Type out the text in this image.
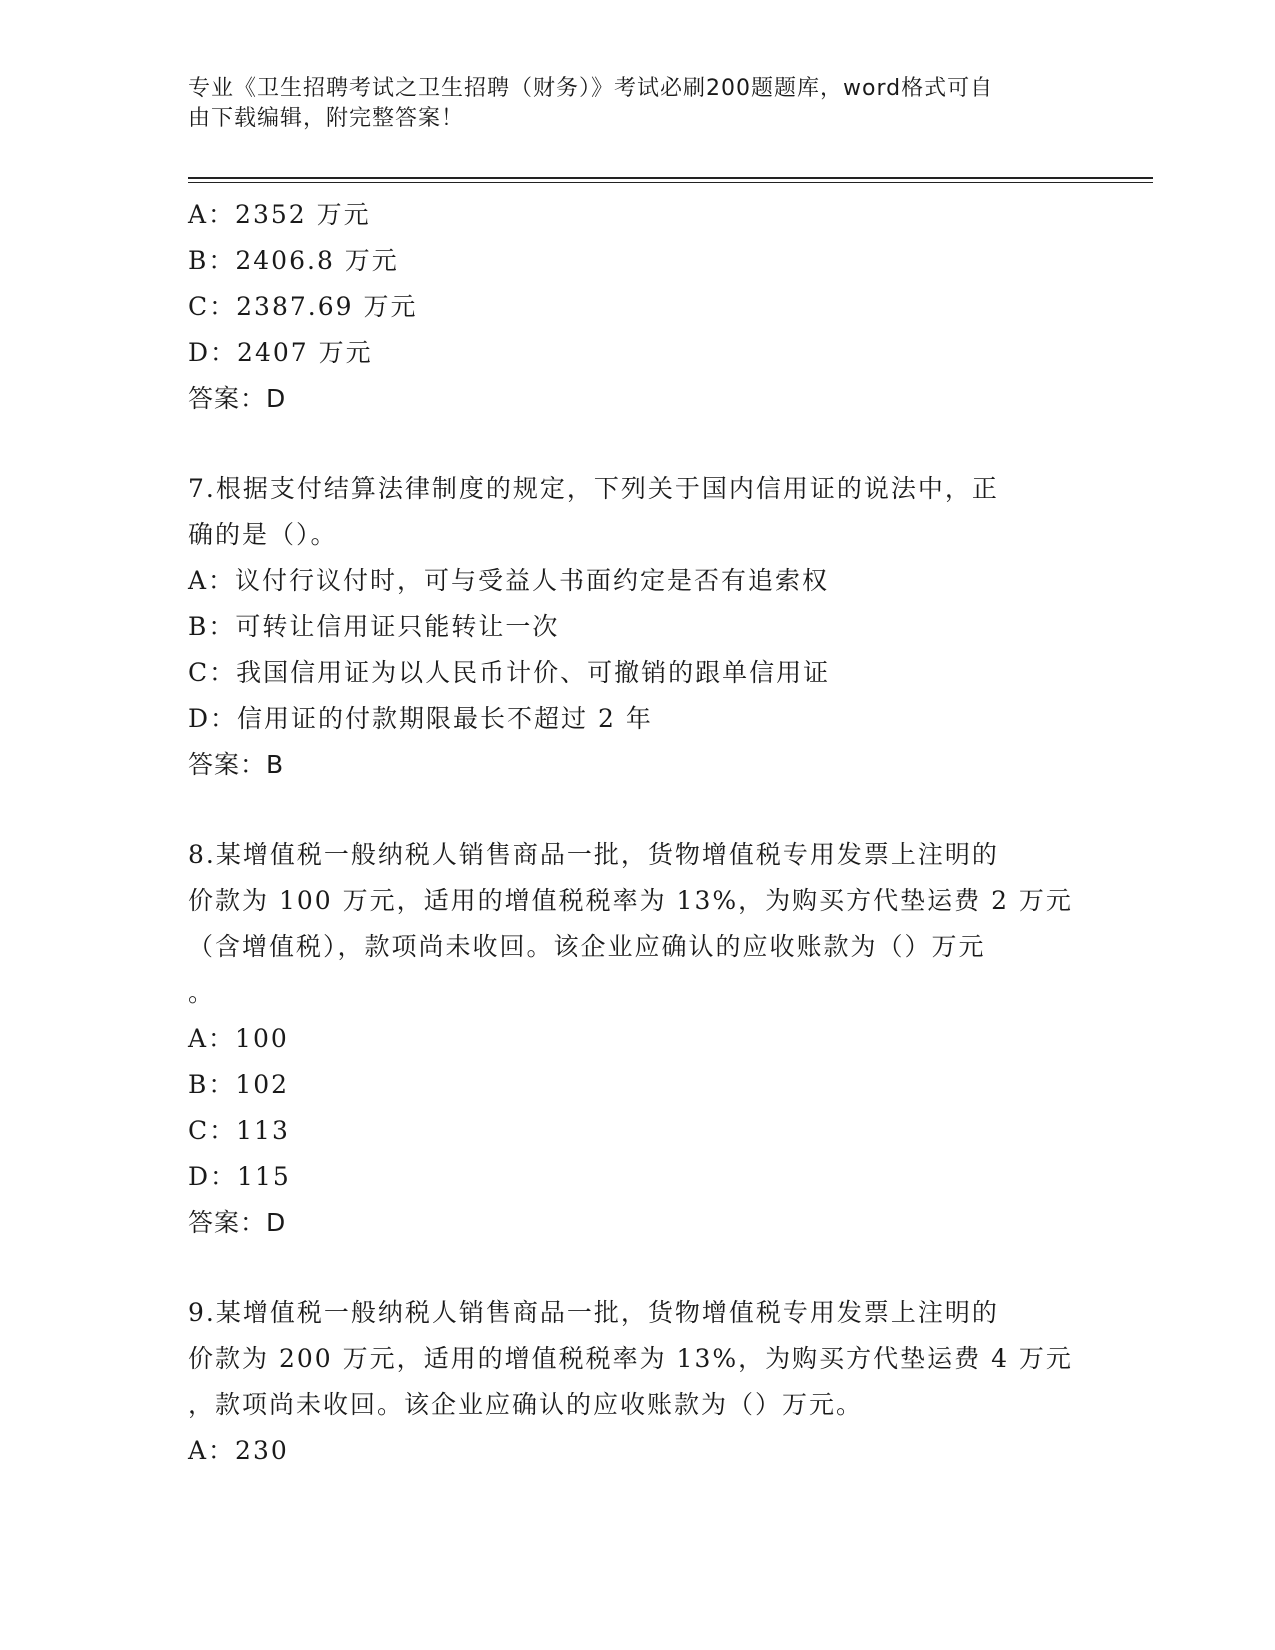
专业《卫生招聘考试之卫生招聘（财务）》考试必刷200题题库，word格式可自
由下载编辑，附完整答案！
A：2352 万元
B：2406.8 万元
C：2387.69 万元
D：2407 万元
答案：D
7.根据支付结算法律制度的规定，下列关于国内信用证的说法中，正
确的是（）。
A：议付行议付时，可与受益人书面约定是否有追索权
B：可转让信用证只能转让一次
C：我国信用证为以人民币计价、可撤销的跟单信用证
D：信用证的付款期限最长不超过 2 年
答案：B
8.某增值税一般纳税人销售商品一批，货物增值税专用发票上注明的
价款为 100 万元，适用的增值税税率为 13%，为购买方代垫运费 2 万元
（含增值税），款项尚未收回。该企业应确认的应收账款为（）万元
。
A：100
B：102
C：113
D：115
答案：D
9.某增值税一般纳税人销售商品一批，货物增值税专用发票上注明的
价款为 200 万元，适用的增值税税率为 13%，为购买方代垫运费 4 万元
，款项尚未收回。该企业应确认的应收账款为（）万元。
A：230
